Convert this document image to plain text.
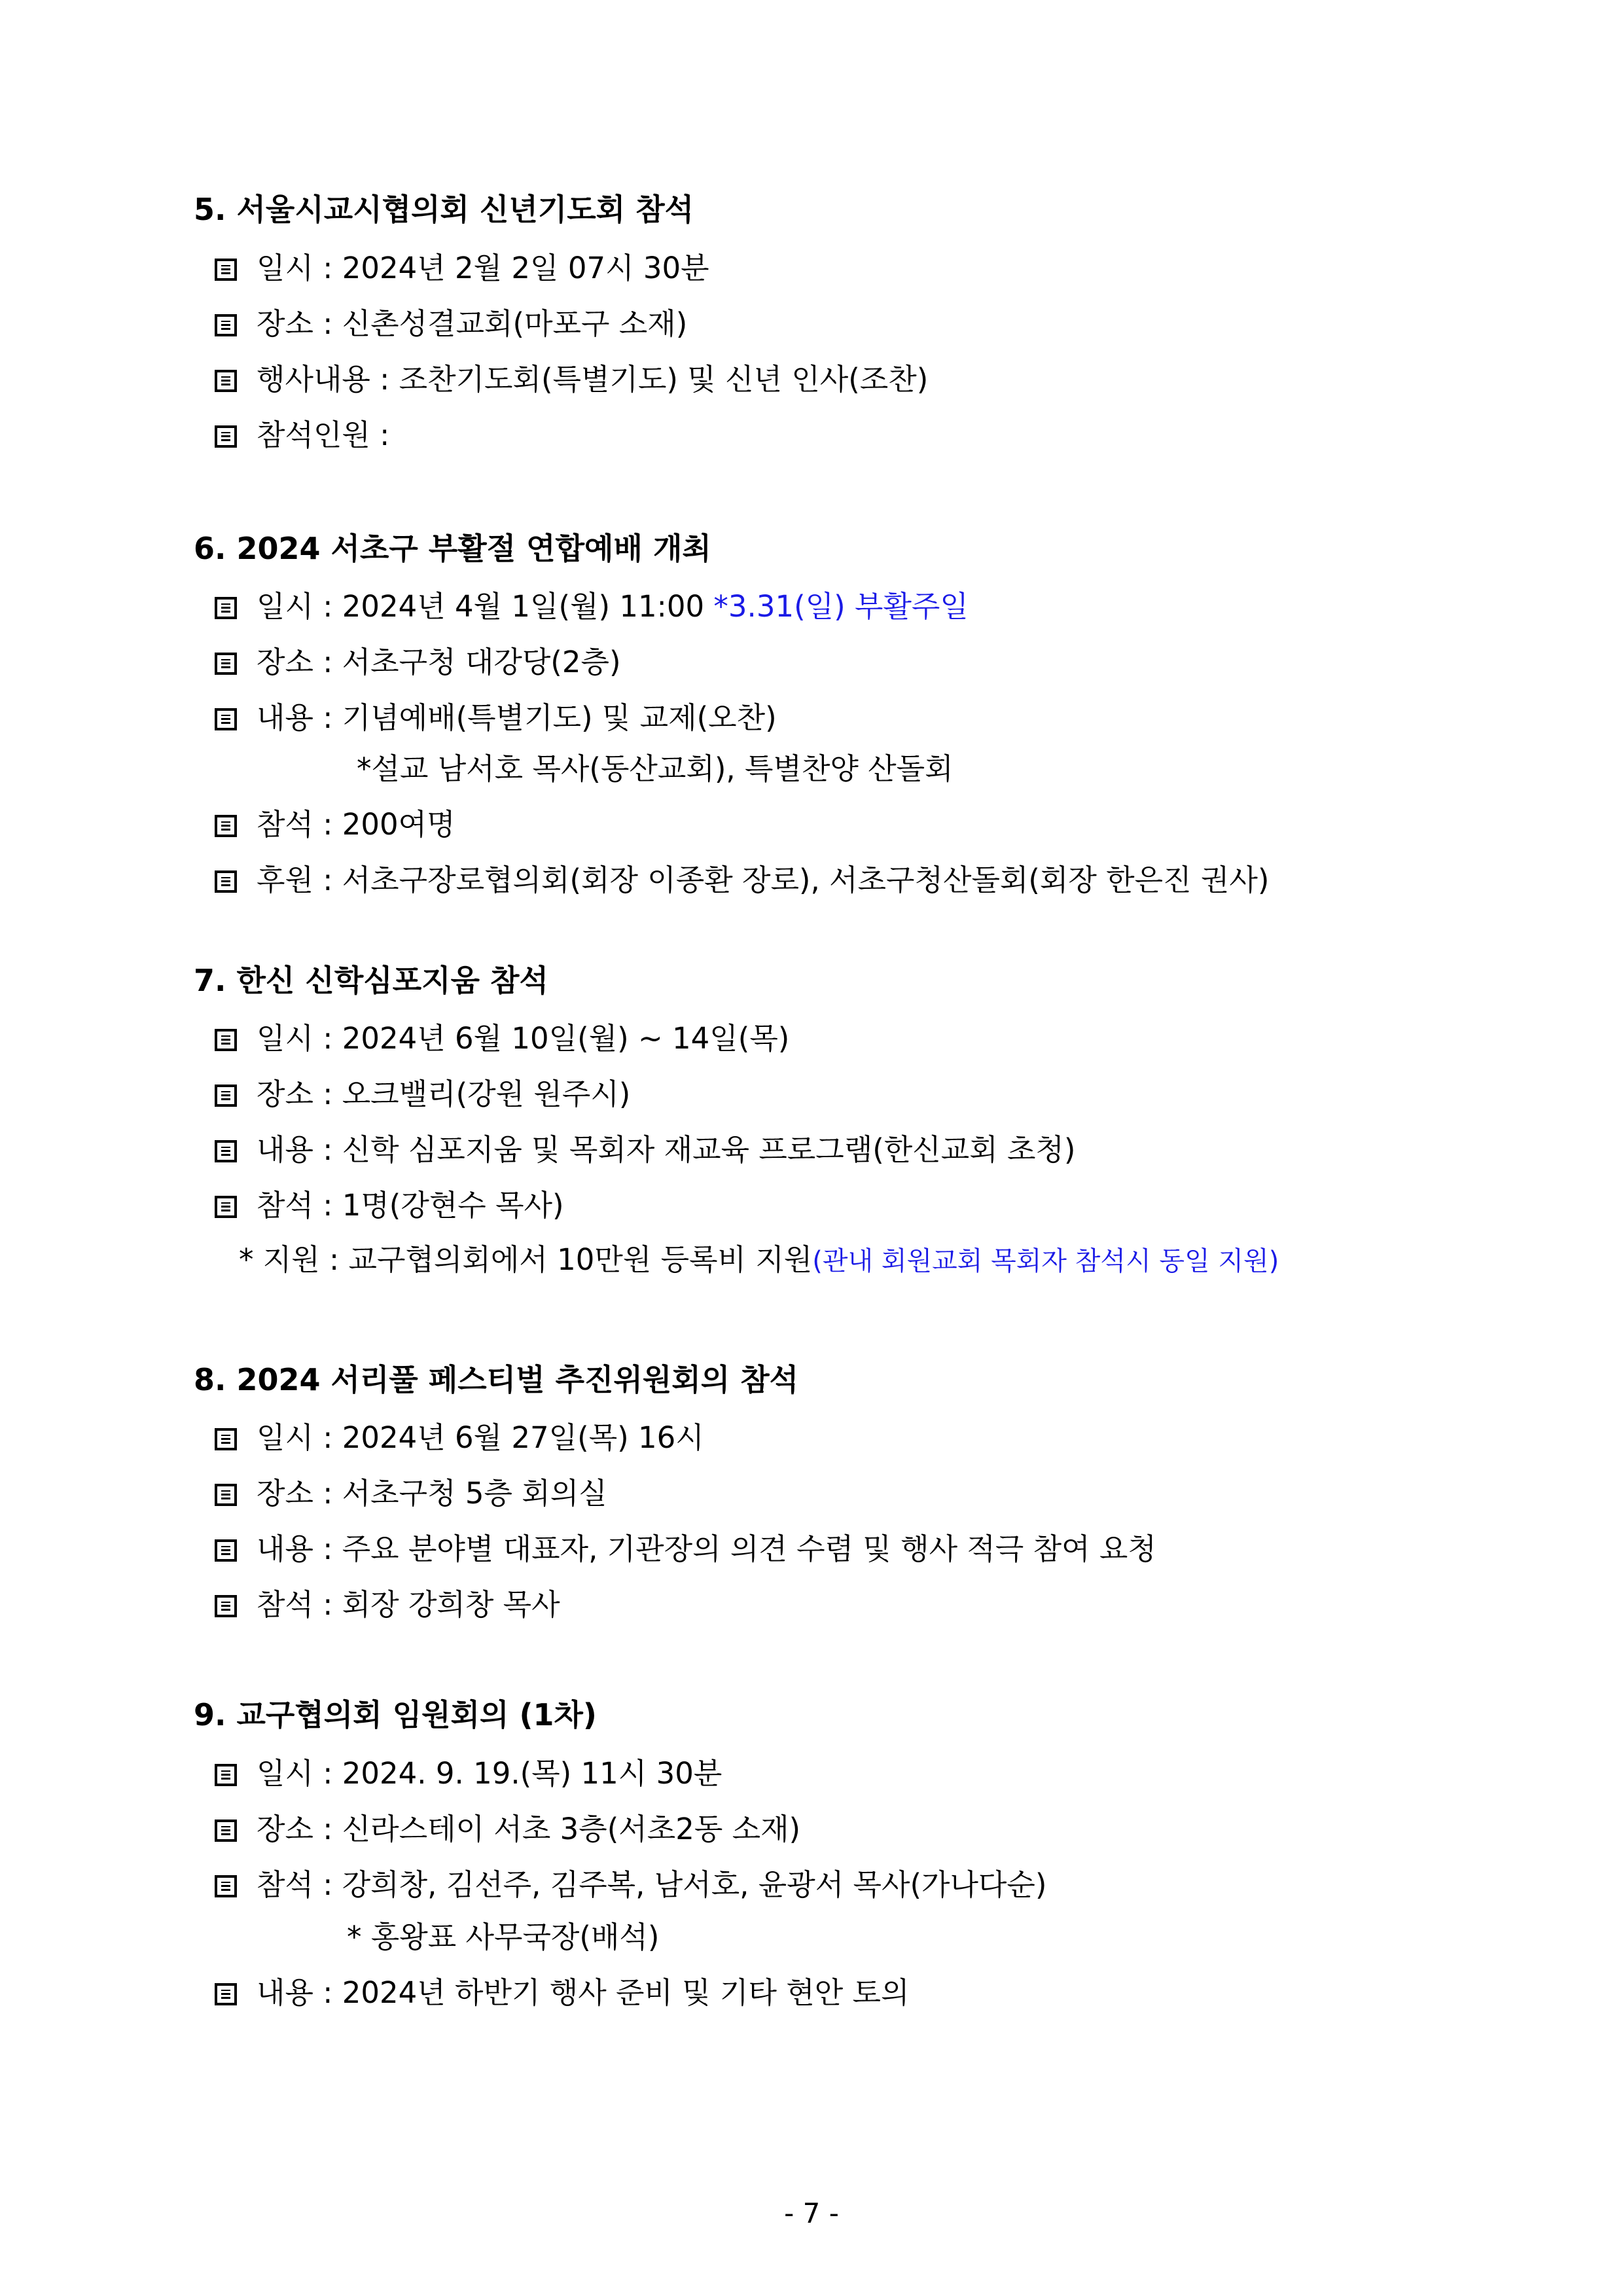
5. 서울시교시협의회 신년기도회 참석
일시 : 2024년 2월 2일 07시 30분
장소 : 신촌성결교회(마포구 소재)
행사내용 : 조찬기도회(특별기도) 및 신년 인사(조찬)
참석인원 :
6. 2024 서초구 부활절 연합예배 개최
일시 : 2024년 4월 1일(월) 11:00 *3.31(일) 부활주일
장소 : 서초구청 대강당(2층)
내용 : 기념예배(특별기도) 및 교제(오찬)
*설교 남서호 목사(동산교회), 특별찬양 산돌회
참석 : 200여명
후원 : 서초구장로협의회(회장 이종환 장로), 서초구청산돌회(회장 한은진 권사)
7. 한신 신학심포지움 참석
일시 : 2024년 6월 10일(월) ~ 14일(목)
장소 : 오크밸리(강원 원주시)
내용 : 신학 심포지움 및 목회자 재교육 프로그램(한신교회 초청)
참석 : 1명(강현수 목사)
* 지원 : 교구협의회에서 10만원 등록비 지원(관내 회원교회 목회자 참석시 동일 지원)
8. 2024 서리풀 페스티벌 추진위원회의 참석
일시 : 2024년 6월 27일(목) 16시
장소 : 서초구청 5층 회의실
내용 : 주요 분야별 대표자, 기관장의 의견 수렴 및 행사 적극 참여 요청
참석 : 회장 강희창 목사
9. 교구협의회 임원회의 (1차)
일시 : 2024. 9. 19.(목) 11시 30분
장소 : 신라스테이 서초 3층(서초2동 소재)
참석 : 강희창, 김선주, 김주복, 남서호, 윤광서 목사(가나다순)
* 홍왕표 사무국장(배석)
내용 : 2024년 하반기 행사 준비 및 기타 현안 토의
- 7 -
